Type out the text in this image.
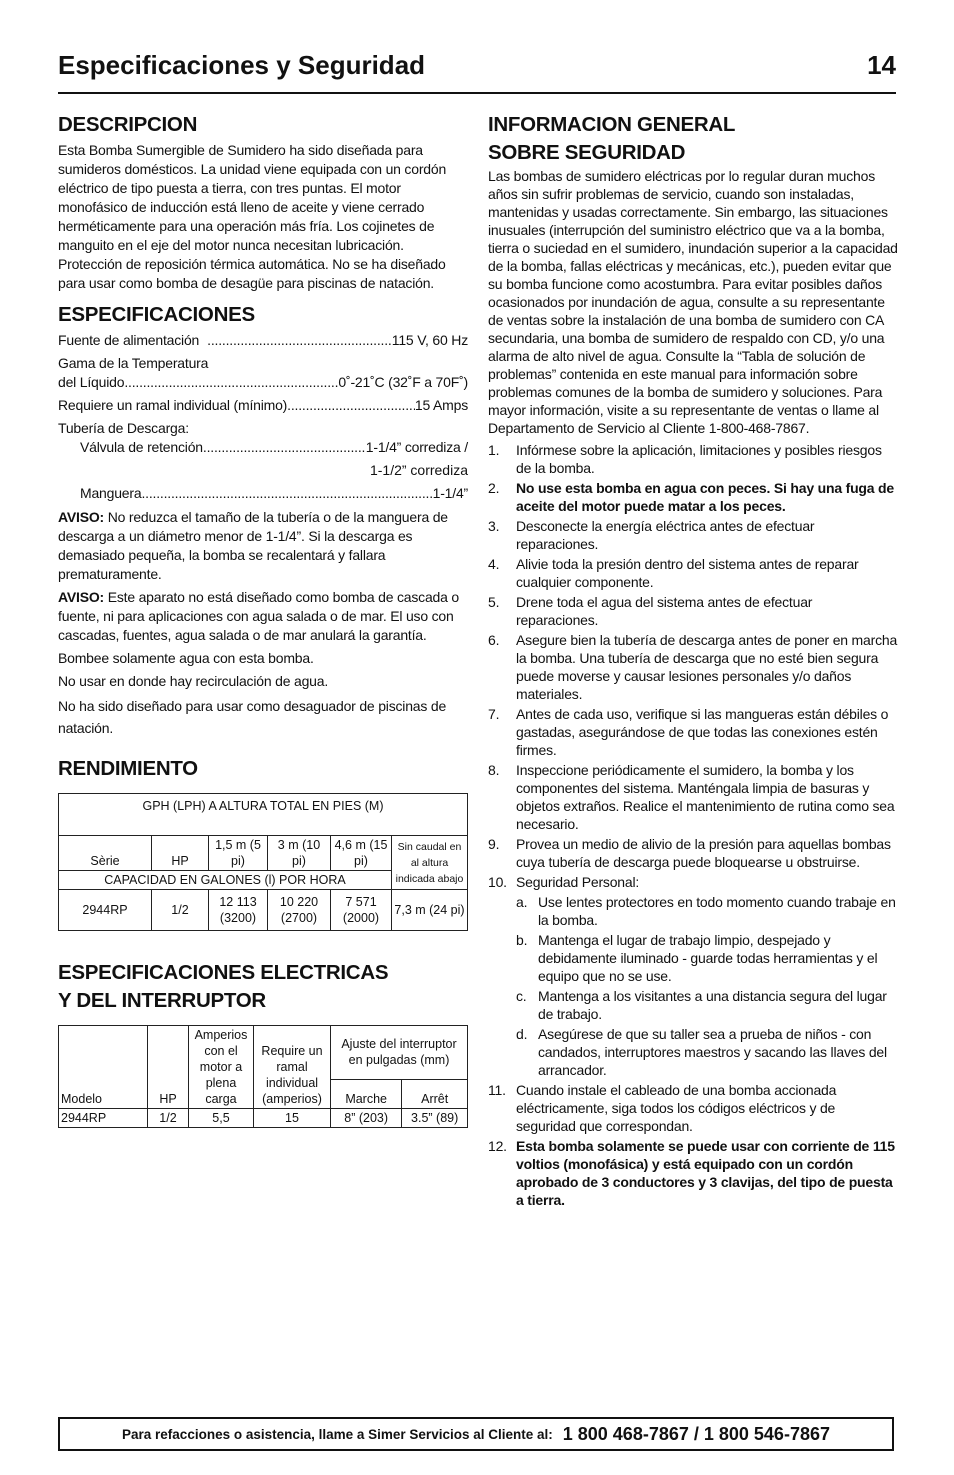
Especificaciones y Seguridad	14
DESCRIPCION
Esta Bomba Sumergible de Sumidero ha sido diseñada para sumideros domésticos. La unidad viene equipada con un cordón eléctrico de tipo puesta a tierra, con tres puntas. El motor monofásico de inducción está lleno de aceite y viene cerrado herméticamente para una operación más fría. Los cojinetes de manguito en el eje del motor nunca necesitan lubricación. Protección de reposición térmica automática. No se ha diseñado para usar como bomba de desagüe para piscinas de natación.
ESPECIFICACIONES
Fuente de alimentación .....	115 V, 60 Hz
Gama de la Temperatura
del Líquido .....	0˚-21˚C (32˚F a 70F˚)
Requiere un ramal individual (mínimo) .....	15 Amps
Tubería de Descarga:
Válvula de retención .....	1-1/4” corrediza /
1-1/2” corrediza
Manguera .....	1-1/4”
AVISO: No reduzca el tamaño de la tubería o de la manguera de descarga a un diámetro menor de 1-1/4”. Si la descarga es demasiado pequeña, la bomba se recalentará y fallara prematuramente.
AVISO: Este aparato no está diseñado como bomba de cascada o fuente, ni para aplicaciones con agua salada o de mar. El uso con cascadas, fuentes, agua salada o de mar anulará la garantía.
Bombee solamente agua con esta bomba.
No usar en donde hay recirculación de agua.
No ha sido diseñado para usar como desaguador de piscinas de natación.
RENDIMIENTO
GPH (LPH) A ALTURA TOTAL EN PIES (M)					
Sèrie	HP	1,5 m (5 pi)	3 m (10 pi)	4,6 m (15 pi)	Sin caudal en al altura indicada abajo
CAPACIDAD EN GALONES (l) POR HORA					
2944RP	1/2	12 113 (3200)	10 220 (2700)	7 571 (2000)	7,3 m (24 pi)
ESPECIFICACIONES ELECTRICAS
Y DEL INTERRUPTOR
Modelo	HP	Amperios con el motor a plena carga	Require un ramal individual (amperios)	Ajuste del interruptor en pulgadas (mm)	
				Marche	Arrêt
2944RP	1/2	5,5	15	8” (203)	3.5” (89)
INFORMACION GENERAL
SOBRE SEGURIDAD
Las bombas de sumidero eléctricas por lo regular duran muchos años sin sufrir problemas de servicio, cuando son instaladas, mantenidas y usadas correctamente. Sin embargo, las situaciones inusuales (interrupción del suministro eléctrico que va a la bomba, tierra o suciedad en el sumidero, inundación superior a la capacidad de la bomba, fallas eléctricas y mecánicas, etc.), pueden evitar que su bomba funcione como acostumbra. Para evitar posibles daños ocasionados por inundación de agua, consulte a su representante de ventas sobre la instalación de una bomba de sumidero con CA secundaria, una bomba de sumidero de respaldo con CD, y/o una alarma de alto nivel de agua. Consulte la “Tabla de solución de problemas” contenida en este manual para información sobre problemas comunes de la bomba de sumidero y soluciones. Para mayor información, visite a su representante de ventas o llame al Departamento de Servicio al Cliente 1-800-468-7867.
1.	Infórmese sobre la aplicación, limitaciones y posibles riesgos de la bomba.
2.	No use esta bomba en agua con peces. Si hay una fuga de aceite del motor puede matar a los peces.
3.	Desconecte la energía eléctrica antes de efectuar reparaciones.
4.	Alivie toda la presión dentro del sistema antes de reparar cualquier componente.
5.	Drene toda el agua del sistema antes de efectuar reparaciones.
6.	Asegure bien la tubería de descarga antes de poner en marcha la bomba. Una tubería de descarga que no esté bien segura puede moverse y causar lesiones personales y/o daños materiales.
7.	Antes de cada uso, verifique si las mangueras están débiles o gastadas, asegurándose de que todas las conexiones estén firmes.
8.	Inspeccione periódicamente el sumidero, la bomba y los componentes del sistema. Manténgala limpia de basuras y objetos extraños. Realice el mantenimiento de rutina como sea necesario.
9.	Provea un medio de alivio de la presión para aquellas bombas cuya tubería de descarga puede bloquearse u obstruirse.
10. Seguridad Personal:
a. Use lentes protectores en todo momento cuando trabaje en la bomba.
b. Mantenga el lugar de trabajo limpio, despejado y debidamente iluminado - guarde todas herramientas y el equipo que no se use.
c. Mantenga a los visitantes a una distancia segura del lugar de trabajo.
d. Asegúrese de que su taller sea a prueba de niños - con candados, interruptores maestros y sacando las llaves del arrancador.
11. Cuando instale el cableado de una bomba accionada eléctricamente, siga todos los códigos eléctricos y de seguridad que correspondan.
12. Esta bomba solamente se puede usar con corriente de 115 voltios (monofásica) y está equipado con un cordón aprobado de 3 conductores y 3 clavijas, del tipo de puesta a tierra.
Para refacciones o asistencia, llame a Simer Servicios al Cliente al: 1 800 468-7867 / 1 800 546-7867
